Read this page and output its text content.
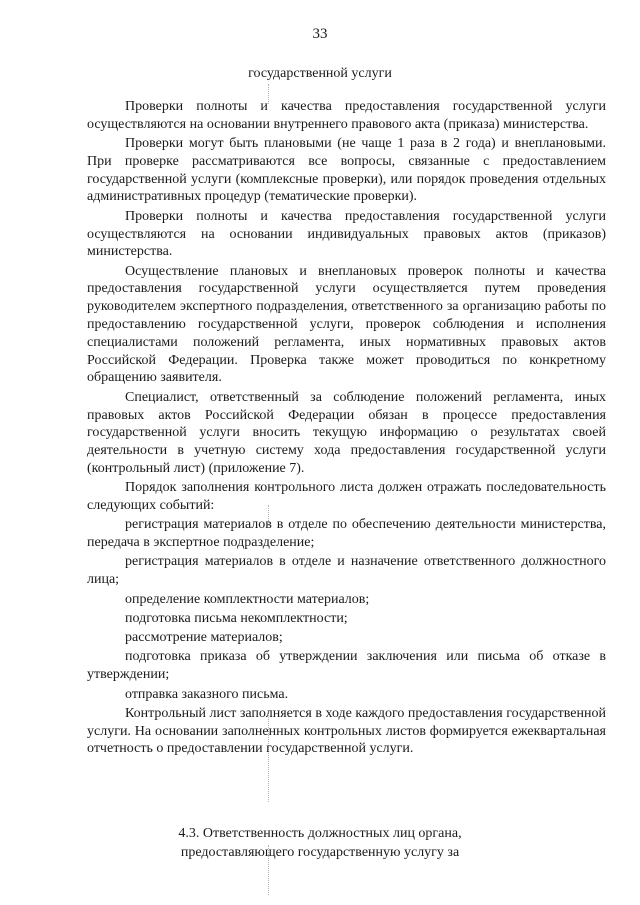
33
государственной услуги

Проверки полноты и качества предоставления государственной услуги осуществляются на основании внутреннего правового акта (приказа) министерства.

Проверки могут быть плановыми (не чаще 1 раза в 2 года) и внеплановыми. При проверке рассматриваются все вопросы, связанные с предоставлением государственной услуги (комплексные проверки), или порядок проведения отдельных административных процедур (тематические проверки).

Проверки полноты и качества предоставления государственной услуги осуществляются на основании индивидуальных правовых актов (приказов) министерства.

Осуществление плановых и внеплановых проверок полноты и качества предоставления государственной услуги осуществляется путем проведения руководителем экспертного подразделения, ответственного за организацию работы по предоставлению государственной услуги, проверок соблюдения и исполнения специалистами положений регламента, иных нормативных правовых актов Российской Федерации. Проверка также может проводиться по конкретному обращению заявителя.

Специалист, ответственный за соблюдение положений регламента, иных правовых актов Российской Федерации обязан в процессе предоставления государственной услуги вносить текущую информацию о результатах своей деятельности в учетную систему хода предоставления государственной услуги (контрольный лист) (приложение 7).

Порядок заполнения контрольного листа должен отражать последовательность следующих событий:

регистрация материалов в отделе по обеспечению деятельности министерства, передача в экспертное подразделение;

регистрация материалов в отделе и назначение ответственного должностного лица;

определение комплектности материалов;

подготовка письма некомплектности;

рассмотрение материалов;

подготовка приказа об утверждении заключения или письма об отказе в утверждении;

отправка заказного письма.

Контрольный лист заполняется в ходе каждого предоставления государственной услуги. На основании заполненных контрольных листов формируется ежеквартальная отчетность о предоставлении государственной услуги.

4.3. Ответственность должностных лиц органа,
предоставляющего государственную услугу за
